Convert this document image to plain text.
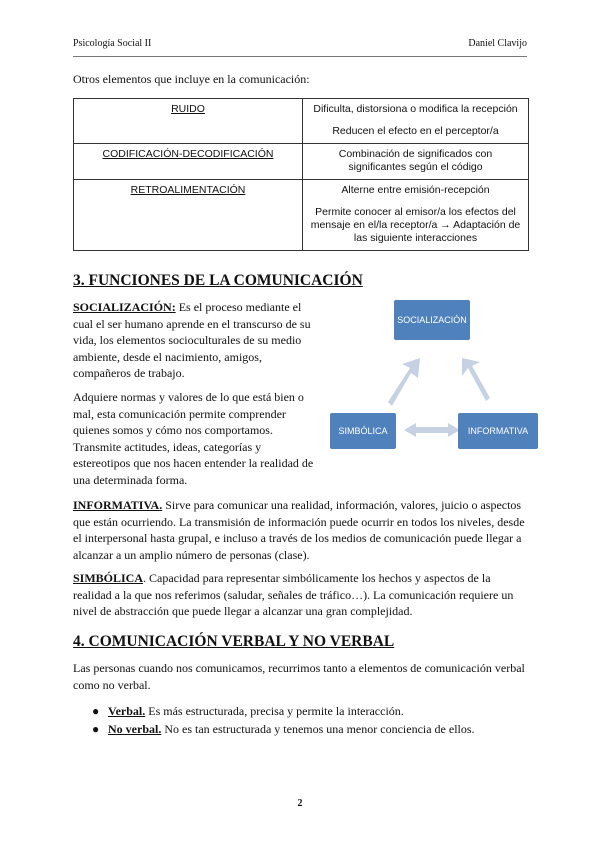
Psicología Social II	Daniel Clavijo
Otros elementos que incluye en la comunicación:
RUIDO	Dificulta, distorsiona o modifica la recepción

Reducen el efecto en el perceptor/a

CODIFICACIÓN-DECODIFICACIÓN	Combinación de significados con significantes según el código

RETROALIMENTACIÓN	Alterne entre emisión-recepción

Permite conocer al emisor/a los efectos del mensaje en el/la receptor/a → Adaptación de las siguiente interacciones

3. FUNCIONES DE LA COMUNICACIÓN

SOCIALIZACIÓN: Es el proceso mediante el cual el ser humano aprende en el transcurso de su vida, los elementos socioculturales de su medio ambiente, desde el nacimiento, amigos, compañeros de trabajo.

Adquiere normas y valores de lo que está bien o mal, esta comunicación permite comprender quienes somos y cómo nos comportamos. Transmite actitudes, ideas, categorías y estereotipos que nos hacen entender la realidad de una determinada forma.

SOCIALIZACIÓN
SIMBÓLICA	INFORMATIVA

INFORMATIVA. Sirve para comunicar una realidad, información, valores, juicio o aspectos que están ocurriendo. La transmisión de información puede ocurrir en todos los niveles, desde el interpersonal hasta grupal, e incluso a través de los medios de comunicación puede llegar a alcanzar a un amplio número de personas (clase).

SIMBÓLICA. Capacidad para representar simbólicamente los hechos y aspectos de la realidad a la que nos referimos (saludar, señales de tráfico…). La comunicación requiere un nivel de abstracción que puede llegar a alcanzar una gran complejidad.

4. COMUNICACIÓN VERBAL Y NO VERBAL

Las personas cuando nos comunicamos, recurrimos tanto a elementos de comunicación verbal como no verbal.

● Verbal. Es más estructurada, precisa y permite la interacción.
● No verbal. No es tan estructurada y tenemos una menor conciencia de ellos.
2
